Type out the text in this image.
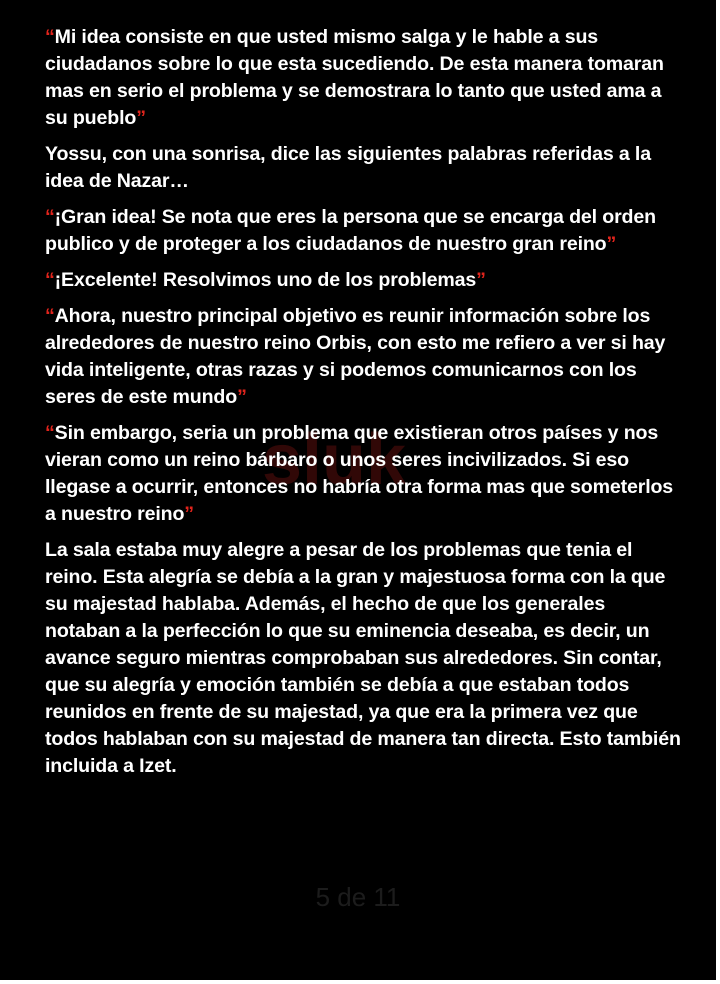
sluk

“Mi idea consiste en que usted mismo salga y le hable a sus ciudadanos sobre lo que esta sucediendo. De esta manera tomaran mas en serio el problema y se demostrara lo tanto que usted ama a su pueblo”

Yossu, con una sonrisa, dice las siguientes palabras referidas a la idea de Nazar…

“¡Gran idea! Se nota que eres la persona que se encarga del orden publico y de proteger a los ciudadanos de nuestro gran reino”

“¡Excelente! Resolvimos uno de los problemas”

“Ahora, nuestro principal objetivo es reunir información sobre los alrededores de nuestro reino Orbis, con esto me refiero a ver si hay vida inteligente, otras razas y si podemos comunicarnos con los seres de este mundo”

“Sin embargo, seria un problema que existieran otros países y nos vieran como un reino bárbaro o unos seres incivilizados. Si eso llegase a ocurrir, entonces no habría otra forma mas que someterlos a nuestro reino”

La sala estaba muy alegre a pesar de los problemas que tenia el reino. Esta alegría se debía a la gran y majestuosa forma con la que su majestad hablaba. Además, el hecho de que los generales notaban a la perfección lo que su eminencia deseaba, es decir, un avance seguro mientras comprobaban sus alrededores. Sin contar, que su alegría y emoción también se debía a que estaban todos reunidos en frente de su majestad, ya que era la primera vez que todos hablaban con su majestad de manera tan directa. Esto también incluida a Izet.

5 de 11
